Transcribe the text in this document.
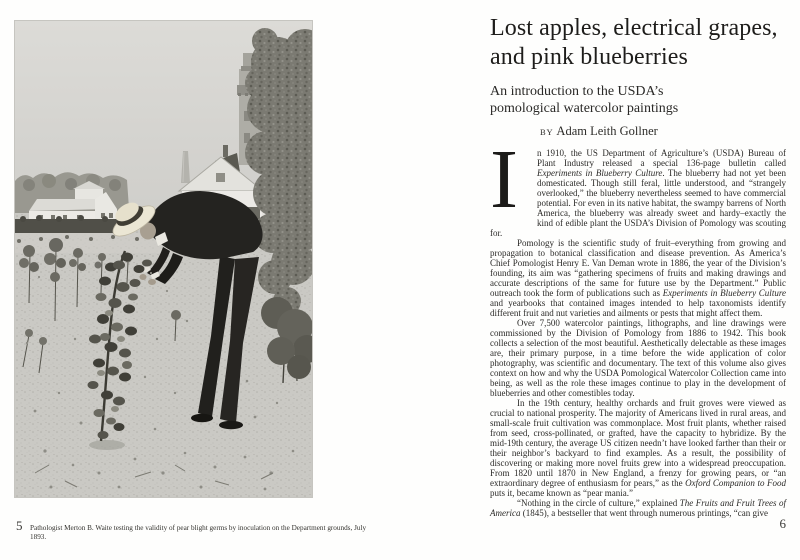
Pathologist Merton B. Waite testing the validity of pear blight germs by inoculation on the Department grounds, July 1893.
5
Lost apples, electrical grapes, and pink blueberries
An introduction to the USDA’s pomological watercolor paintings
BY Adam Leith Gollner

I	n 1910, the US Department of Agriculture’s (USDA) Bureau of Plant Industry released a special 136-page bulletin called Experiments in Blueberry Culture. The blueberry had not yet been domesticated. Though still feral, little understood, and “strangely overlooked,” the blueberry nevertheless seemed to have commercial potential. For even in its native habitat, the swampy barrens of North America, the blueberry was already sweet and hardy–exactly the kind of edible plant the USDA’s Division of Pomology was scouting for.

Pomology is the scientific study of fruit–everything from growing and propagation to botanical classification and disease prevention. As America’s Chief Pomologist Henry E. Van Deman wrote in 1886, the year of the Division’s founding, its aim was “gathering specimens of fruits and making drawings and accurate descriptions of the same for future use by the Department.” Public outreach took the form of publications such as Experiments in Blueberry Culture and yearbooks that contained images intended to help taxonomists identify different fruit and nut varieties and ailments or pests that might affect them.

Over 7,500 watercolor paintings, lithographs, and line drawings were commissioned by the Division of Pomology from 1886 to 1942. This book collects a selection of the most beautiful. Aesthetically delectable as these images are, their primary purpose, in a time before the wide application of color photography, was scientific and documentary. The text of this volume also gives context on how and why the USDA Pomological Watercolor Collection came into being, as well as the role these images continue to play in the development of blueberries and other comestibles today.

In the 19th century, healthy orchards and fruit groves were viewed as crucial to national prosperity. The majority of Americans lived in rural areas, and small-scale fruit cultivation was commonplace. Most fruit plants, whether raised from seed, cross-pollinated, or grafted, have the capacity to hybridize. By the mid-19th century, the average US citizen needn’t have looked farther than their or their neighbor’s backyard to find examples. As a result, the possibility of discovering or making more novel fruits grew into a widespread preoccupation. From 1820 until 1870 in New England, a frenzy for growing pears, or “an extraordinary degree of enthusiasm for pears,” as the Oxford Companion to Food puts it, became known as “pear mania.”

“Nothing in the circle of culture,” explained The Fruits and Fruit Trees of America (1845), a bestseller that went through numerous printings, “can give

6
